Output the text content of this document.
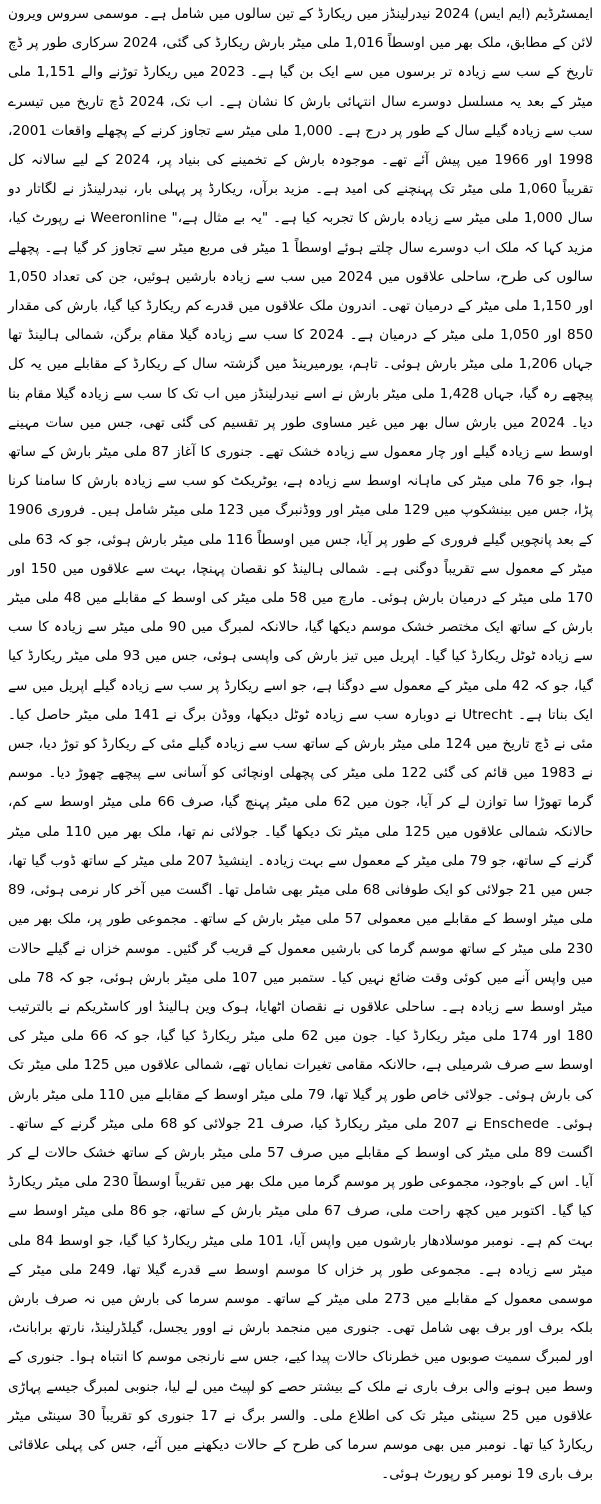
ایمسٹرڈیم (ایم ایس) 2024 نیدرلینڈز میں ریکارڈ کے تین سالوں میں شامل ہے۔ موسمی سروس ویرون لائن کے مطابق، ملک بھر میں اوسطاً 1,016 ملی میٹر بارش ریکارڈ کی گئی، 2024 سرکاری طور پر ڈچ تاریخ کے سب سے زیادہ تر برسوں میں سے ایک بن گیا ہے۔ 2023 میں ریکارڈ توڑنے والے 1,151 ملی میٹر کے بعد یہ مسلسل دوسرے سال انتہائی بارش کا نشان ہے۔ اب تک، 2024 ڈچ تاریخ میں تیسرے سب سے زیادہ گیلے سال کے طور پر درج ہے۔ 1,000 ملی میٹر سے تجاوز کرنے کے پچھلے واقعات 2001، 1998 اور 1966 میں پیش آئے تھے۔ موجودہ بارش کے تخمینے کی بنیاد پر، 2024 کے لیے سالانہ کل تقریباً 1,060 ملی میٹر تک پہنچنے کی امید ہے۔ مزید برآں، ریکارڈ پر پہلی بار، نیدرلینڈز نے لگاتار دو سال 1,000 ملی میٹر سے زیادہ بارش کا تجربہ کیا ہے۔ "یہ بے مثال ہے،" Weeronline نے رپورٹ کیا، مزید کہا کہ ملک اب دوسرے سال چلتے ہوئے اوسطاً 1 میٹر فی مربع میٹر سے تجاوز کر گیا ہے۔ پچھلے سالوں کی طرح، ساحلی علاقوں میں 2024 میں سب سے زیادہ بارشیں ہوئیں، جن کی تعداد 1,050 اور 1,150 ملی میٹر کے درمیان تھی۔ اندرون ملک علاقوں میں قدرے کم ریکارڈ کیا گیا، بارش کی مقدار 850 اور 1,050 ملی میٹر کے درمیان ہے۔ 2024 کا سب سے زیادہ گیلا مقام برگن، شمالی ہالینڈ تھا جہاں 1,206 ملی میٹر بارش ہوئی۔ تاہم، یورمیرینڈ میں گزشتہ سال کے ریکارڈ کے مقابلے میں یہ کل پیچھے رہ گیا، جہاں 1,428 ملی میٹر بارش نے اسے نیدرلینڈز میں اب تک کا سب سے زیادہ گیلا مقام بنا دیا۔ 2024 میں بارش سال بھر میں غیر مساوی طور پر تقسیم کی گئی تھی، جس میں سات مہینے اوسط سے زیادہ گیلے اور چار معمول سے زیادہ خشک تھے۔ جنوری کا آغاز 87 ملی میٹر بارش کے ساتھ ہوا، جو 76 ملی میٹر کی ماہانہ اوسط سے زیادہ ہے، یوٹریکٹ کو سب سے زیادہ بارش کا سامنا کرنا پڑا، جس میں بینشکوپ میں 129 ملی میٹر اور ووڈنبرگ میں 123 ملی میٹر شامل ہیں۔ فروری 1906 کے بعد پانچویں گیلے فروری کے طور پر آیا، جس میں اوسطاً 116 ملی میٹر بارش ہوئی، جو کہ 63 ملی میٹر کے معمول سے تقریباً دوگنی ہے۔ شمالی ہالینڈ کو نقصان پہنچا، بہت سے علاقوں میں 150 اور 170 ملی میٹر کے درمیان بارش ہوئی۔ مارچ میں 58 ملی میٹر کی اوسط کے مقابلے میں 48 ملی میٹر بارش کے ساتھ ایک مختصر خشک موسم دیکھا گیا، حالانکہ لمبرگ میں 90 ملی میٹر سے زیادہ کا سب سے زیادہ ٹوٹل ریکارڈ کیا گیا۔ اپریل میں تیز بارش کی واپسی ہوئی، جس میں 93 ملی میٹر ریکارڈ کیا گیا، جو کہ 42 ملی میٹر کے معمول سے دوگنا ہے، جو اسے ریکارڈ پر سب سے زیادہ گیلے اپریل میں سے ایک بناتا ہے۔ Utrecht نے دوبارہ سب سے زیادہ ٹوٹل دیکھا، ووڈن برگ نے 141 ملی میٹر حاصل کیا۔ مئی نے ڈچ تاریخ میں 124 ملی میٹر بارش کے ساتھ سب سے زیادہ گیلے مئی کے ریکارڈ کو توڑ دیا، جس نے 1983 میں قائم کی گئی 122 ملی میٹر کی پچھلی اونچائی کو آسانی سے پیچھے چھوڑ دیا۔ موسم گرما تھوڑا سا توازن لے کر آیا، جون میں 62 ملی میٹر پہنچ گیا، صرف 66 ملی میٹر اوسط سے کم، حالانکہ شمالی علاقوں میں 125 ملی میٹر تک دیکھا گیا۔ جولائی نم تھا، ملک بھر میں 110 ملی میٹر گرنے کے ساتھ، جو 79 ملی میٹر کے معمول سے بہت زیادہ۔ اینشیڈ 207 ملی میٹر کے ساتھ ڈوب گیا تھا، جس میں 21 جولائی کو ایک طوفانی 68 ملی میٹر بھی شامل تھا۔ اگست میں آخر کار نرمی ہوئی، 89 ملی میٹر اوسط کے مقابلے میں معمولی 57 ملی میٹر بارش کے ساتھ۔ مجموعی طور پر، ملک بھر میں 230 ملی میٹر کے ساتھ موسم گرما کی بارشیں معمول کے قریب گر گئیں۔ موسم خزاں نے گیلے حالات میں واپس آنے میں کوئی وقت ضائع نہیں کیا۔ ستمبر میں 107 ملی میٹر بارش ہوئی، جو کہ 78 ملی میٹر اوسط سے زیادہ ہے۔ ساحلی علاقوں نے نقصان اٹھایا، ہوک وین ہالینڈ اور کاسٹریکم نے بالترتیب 180 اور 174 ملی میٹر ریکارڈ کیا۔ جون میں 62 ملی میٹر ریکارڈ کیا گیا، جو کہ 66 ملی میٹر کی اوسط سے صرف شرمیلی ہے، حالانکہ مقامی تغیرات نمایاں تھے، شمالی علاقوں میں 125 ملی میٹر تک کی بارش ہوئی۔ جولائی خاص طور پر گیلا تھا، 79 ملی میٹر اوسط کے مقابلے میں 110 ملی میٹر بارش ہوئی۔ Enschede نے 207 ملی میٹر ریکارڈ کیا، صرف 21 جولائی کو 68 ملی میٹر گرنے کے ساتھ۔ اگست 89 ملی میٹر کی اوسط کے مقابلے میں صرف 57 ملی میٹر بارش کے ساتھ خشک حالات لے کر آیا۔ اس کے باوجود، مجموعی طور پر موسم گرما میں ملک بھر میں تقریباً اوسطاً 230 ملی میٹر ریکارڈ کیا گیا۔ اکتوبر میں کچھ راحت ملی، صرف 67 ملی میٹر بارش کے ساتھ، جو 86 ملی میٹر اوسط سے بہت کم ہے۔ نومبر موسلادھار بارشوں میں واپس آیا، 101 ملی میٹر ریکارڈ کیا گیا، جو اوسط 84 ملی میٹر سے زیادہ ہے۔ مجموعی طور پر خزاں کا موسم اوسط سے قدرے گیلا تھا، 249 ملی میٹر کے موسمی معمول کے مقابلے میں 273 ملی میٹر کے ساتھ۔ موسم سرما کی بارش میں نہ صرف بارش بلکہ برف اور برف بھی شامل تھی۔ جنوری میں منجمد بارش نے اوور یجسل، گیلڈرلینڈ، نارتھ برابانٹ، اور لمبرگ سمیت صوبوں میں خطرناک حالات پیدا کیے، جس سے نارنجی موسم کا انتباہ ہوا۔ جنوری کے وسط میں ہونے والی برف باری نے ملک کے بیشتر حصے کو لپیٹ میں لے لیا، جنوبی لمبرگ جیسے پہاڑی علاقوں میں 25 سینٹی میٹر تک کی اطلاع ملی۔ والسر برگ نے 17 جنوری کو تقریباً 30 سینٹی میٹر ریکارڈ کیا تھا۔ نومبر میں بھی موسم سرما کی طرح کے حالات دیکھنے میں آئے، جس کی پہلی علاقائی برف باری 19 نومبر کو رپورٹ ہوئی۔
